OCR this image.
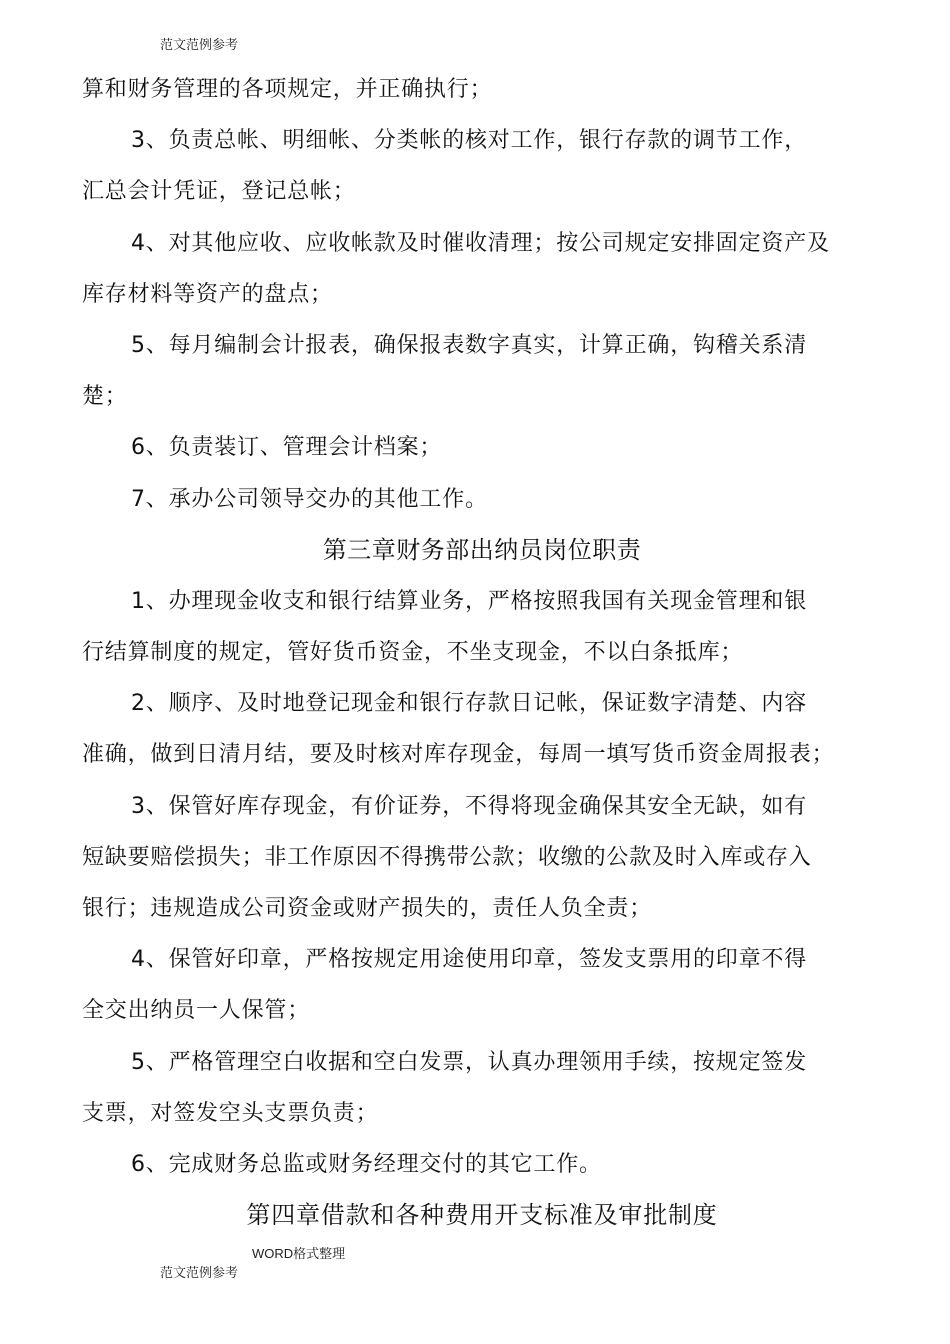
范文范例参考
算和财务管理的各项规定，并正确执行；
3、负责总帐、明细帐、分类帐的核对工作，银行存款的调节工作，
汇总会计凭证，登记总帐；
4、对其他应收、应收帐款及时催收清理；按公司规定安排固定资产及
库存材料等资产的盘点；
5、每月编制会计报表，确保报表数字真实，计算正确，钩稽关系清
楚；
6、负责装订、管理会计档案；
7、承办公司领导交办的其他工作。
第三章财务部出纳员岗位职责
1、办理现金收支和银行结算业务，严格按照我国有关现金管理和银
行结算制度的规定，管好货币资金，不坐支现金，不以白条抵库；
2、顺序、及时地登记现金和银行存款日记帐，保证数字清楚、内容
准确，做到日清月结，要及时核对库存现金，每周一填写货币资金周报表；
3、保管好库存现金，有价证券，不得将现金确保其安全无缺，如有
短缺要赔偿损失；非工作原因不得携带公款；收缴的公款及时入库或存入
银行；违规造成公司资金或财产损失的，责任人负全责；
4、保管好印章，严格按规定用途使用印章，签发支票用的印章不得
全交出纳员一人保管；
5、严格管理空白收据和空白发票，认真办理领用手续，按规定签发
支票，对签发空头支票负责；
6、完成财务总监或财务经理交付的其它工作。
第四章借款和各种费用开支标准及审批制度
WORD格式整理
范文范例参考
